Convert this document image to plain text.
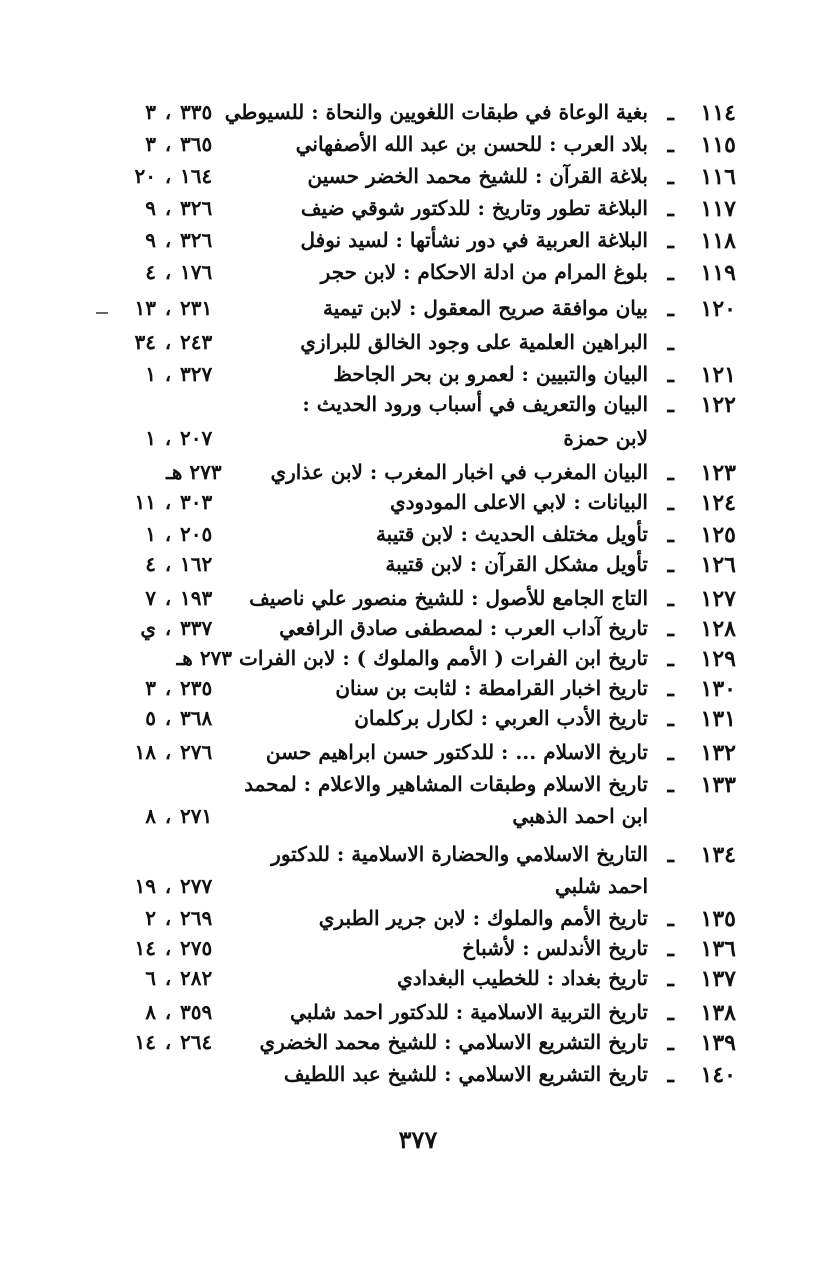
١١٤
ـ
بغية الوعاة في طبقات اللغويين والنحاة : للسيوطي
٣ ، ٣٣٥
١١٥
ـ
بلاد العرب : للحسن بن عبد الله الأصفهاني
٣ ، ٣٦٥
١١٦
ـ
بلاغة القرآن : للشيخ محمد الخضر حسين
٢٠ ، ١٦٤
١١٧
ـ
البلاغة تطور وتاريخ : للدكتور شوقي ضيف
٩ ، ٣٢٦
١١٨
ـ
البلاغة العربية في دور نشأتها : لسيد نوفل
٩ ، ٣٢٦
١١٩
ـ
بلوغ المرام من ادلة الاحكام : لابن حجر
٤ ، ١٧٦
١٢٠
ـ
بيان موافقة صريح المعقول : لابن تيمية
١٣ ، ٢٣١
ـ
البراهين العلمية على وجود الخالق للبرازي
٣٤ ، ٢٤٣
١٢١
ـ
البيان والتبيين : لعمرو بن بحر الجاحظ
١ ، ٣٢٧
١٢٢
ـ
البيان والتعريف في أسباب ورود الحديث :
لابن حمزة
١ ، ٢٠٧
١٢٣
ـ
البيان المغرب في اخبار المغرب : لابن عذاري
٢٧٣ هـ
١٢٤
ـ
البيانات : لابي الاعلى المودودي
١١ ، ٣٠٣
١٢٥
ـ
تأويل مختلف الحديث : لابن قتيبة
١ ، ٢٠٥
١٢٦
ـ
تأويل مشكل القرآن : لابن قتيبة
٤ ، ١٦٢
١٢٧
ـ
التاج الجامع للأصول : للشيخ منصور علي ناصيف
٧ ، ١٩٣
١٢٨
ـ
تاريخ آداب العرب : لمصطفى صادق الرافعي
ي ، ٣٣٧
١٢٩
ـ
تاريخ ابن الفرات ( الأمم والملوك ) : لابن الفرات ٢٧٣ هـ
١٣٠
ـ
تاريخ اخبار القرامطة : لثابت بن سنان
٣ ، ٢٣٥
١٣١
ـ
تاريخ الأدب العربي : لكارل بركلمان
٥ ، ٣٦٨
١٣٢
ـ
تاريخ الاسلام ... : للدكتور حسن ابراهيم حسن
١٨ ، ٢٧٦
١٣٣
ـ
تاريخ الاسلام وطبقات المشاهير والاعلام : لمحمد
ابن احمد الذهبي
٨ ، ٢٧١
١٣٤
ـ
التاريخ الاسلامي والحضارة الاسلامية : للدكتور
احمد شلبي
١٩ ، ٢٧٧
١٣٥
ـ
تاريخ الأمم والملوك : لابن جرير الطبري
٢ ، ٢٦٩
١٣٦
ـ
تاريخ الأندلس : لأشباخ
١٤ ، ٢٧٥
١٣٧
ـ
تاريخ بغداد : للخطيب البغدادي
٦ ، ٢٨٢
١٣٨
ـ
تاريخ التربية الاسلامية : للدكتور احمد شلبي
٨ ، ٣٥٩
١٣٩
ـ
تاريخ التشريع الاسلامي : للشيخ محمد الخضري
١٤ ، ٢٦٤
١٤٠
ـ
تاريخ التشريع الاسلامي : للشيخ عبد اللطيف
٣٧٧
